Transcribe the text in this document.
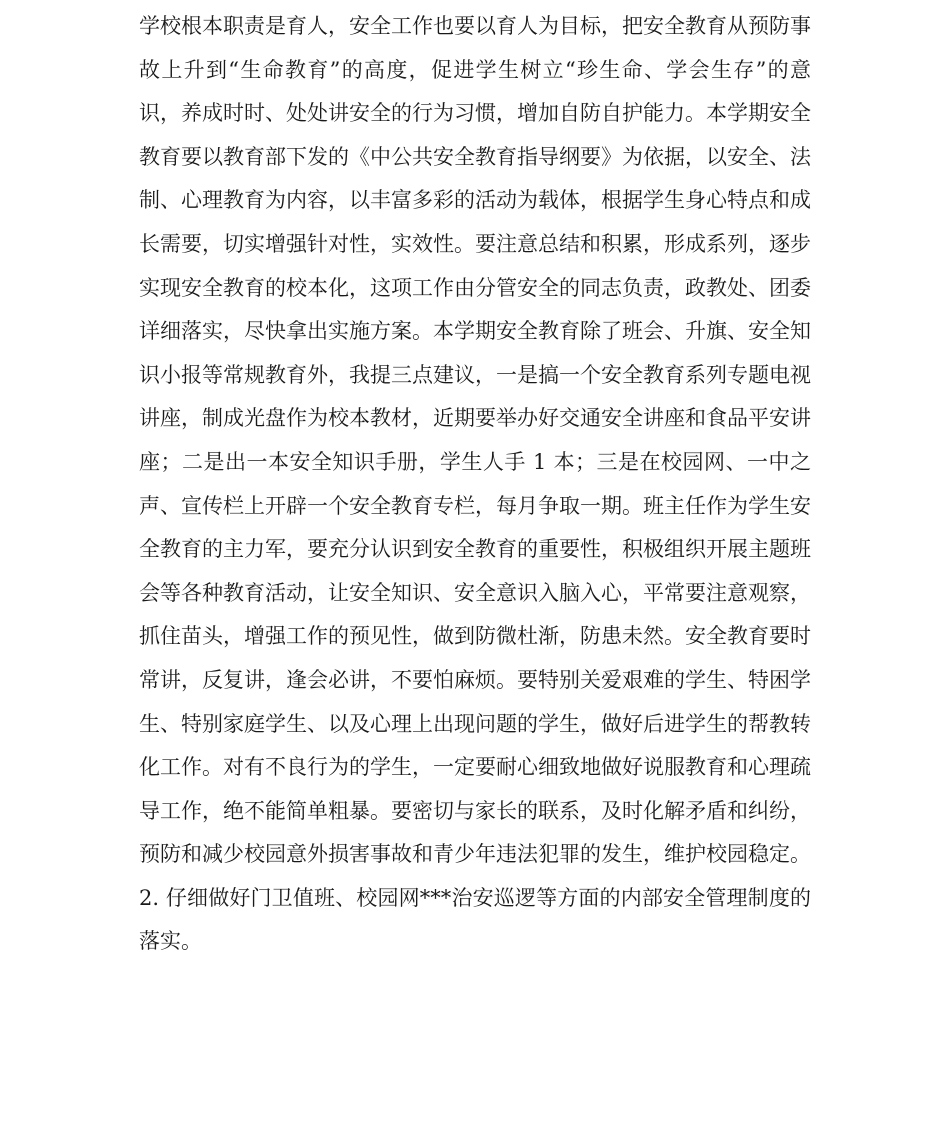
学校根本职责是育人，安全工作也要以育人为目标，把安全教育从预防事故上升到“生命教育”的高度，促进学生树立“珍生命、学会生存”的意识，养成时时、处处讲安全的行为习惯，增加自防自护能力。本学期安全教育要以教育部下发的《中公共安全教育指导纲要》为依据，以安全、法制、心理教育为内容，以丰富多彩的活动为载体，根据学生身心特点和成长需要，切实增强针对性，实效性。要注意总结和积累，形成系列，逐步实现安全教育的校本化，这项工作由分管安全的同志负责，政教处、团委详细落实，尽快拿出实施方案。本学期安全教育除了班会、升旗、安全知识小报等常规教育外，我提三点建议，一是搞一个安全教育系列专题电视讲座，制成光盘作为校本教材，近期要举办好交通安全讲座和食品平安讲座；二是出一本安全知识手册，学生人手 1 本；三是在校园网、一中之声、宣传栏上开辟一个安全教育专栏，每月争取一期。班主任作为学生安全教育的主力军，要充分认识到安全教育的重要性，积极组织开展主题班会等各种教育活动，让安全知识、安全意识入脑入心，平常要注意观察，抓住苗头，增强工作的预见性，做到防微杜渐，防患未然。安全教育要时常讲，反复讲，逢会必讲，不要怕麻烦。要特别关爱艰难的学生、特困学生、特别家庭学生、以及心理上出现问题的学生，做好后进学生的帮教转化工作。对有不良行为的学生，一定要耐心细致地做好说服教育和心理疏导工作，绝不能简单粗暴。要密切与家长的联系，及时化解矛盾和纠纷，预防和减少校园意外损害事故和青少年违法犯罪的发生，维护校园稳定。

2. 仔细做好门卫值班、校园网***治安巡逻等方面的内部安全管理制度的落实。
